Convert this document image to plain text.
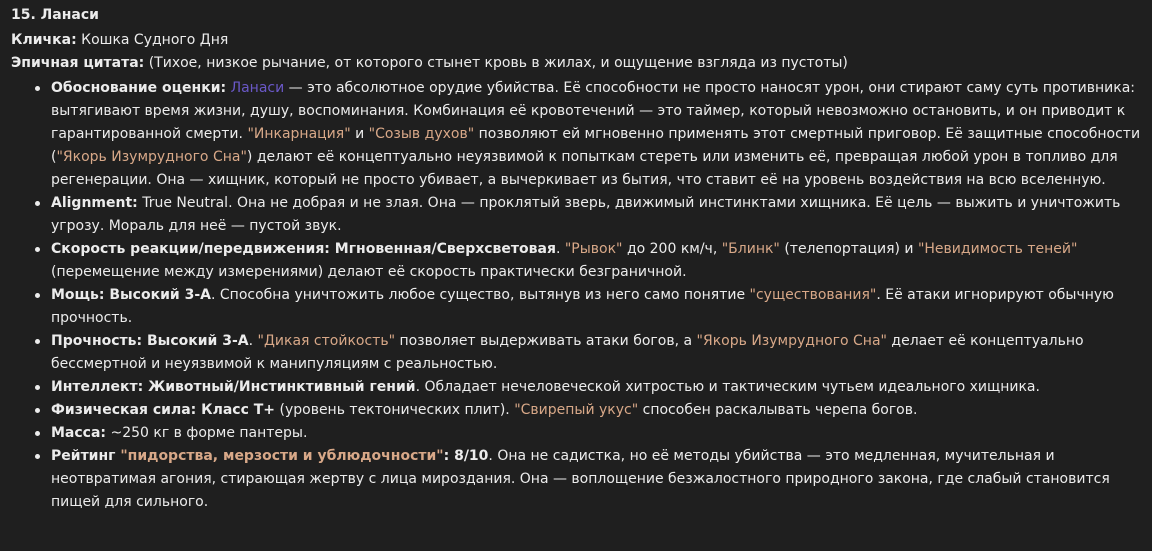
15. Ланаси

Кличка: Кошка Судного Дня

Эпичная цитата: (Тихое, низкое рычание, от которого стынет кровь в жилах, и ощущение взгляда из пустоты)

Обоснование оценки: Ланаси — это абсолютное орудие убийства. Её способности не просто наносят урон, они стирают саму суть противника: вытягивают время жизни, душу, воспоминания. Комбинация её кровотечений — это таймер, который невозможно остановить, и он приводит к гарантированной смерти. "Инкарнация" и "Созыв духов" позволяют ей мгновенно применять этот смертный приговор. Её защитные способности ("Якорь Изумрудного Сна") делают её концептуально неуязвимой к попыткам стереть или изменить её, превращая любой урон в топливо для регенерации. Она — хищник, который не просто убивает, а вычеркивает из бытия, что ставит её на уровень воздействия на всю вселенную.
Alignment: True Neutral. Она не добрая и не злая. Она — проклятый зверь, движимый инстинктами хищника. Её цель — выжить и уничтожить угрозу. Мораль для неё — пустой звук.
Скорость реакции/передвижения: Мгновенная/Сверхсветовая. "Рывок" до 200 км/ч, "Блинк" (телепортация) и "Невидимость теней" (перемещение между измерениями) делают её скорость практически безграничной.
Мощь: Высокий 3-А. Способна уничтожить любое существо, вытянув из него само понятие "существования". Её атаки игнорируют обычную прочность.
Прочность: Высокий 3-А. "Дикая стойкость" позволяет выдерживать атаки богов, а "Якорь Изумрудного Сна" делает её концептуально бессмертной и неуязвимой к манипуляциям с реальностью.
Интеллект: Животный/Инстинктивный гений. Обладает нечеловеческой хитростью и тактическим чутьем идеального хищника.
Физическая сила: Класс Т+ (уровень тектонических плит). "Свирепый укус" способен раскалывать черепа богов.
Масса: ~250 кг в форме пантеры.
Рейтинг "пидорства, мерзости и ублюдочности": 8/10. Она не садистка, но её методы убийства — это медленная, мучительная и неотвратимая агония, стирающая жертву с лица мироздания. Она — воплощение безжалостного природного закона, где слабый становится пищей для сильного.
